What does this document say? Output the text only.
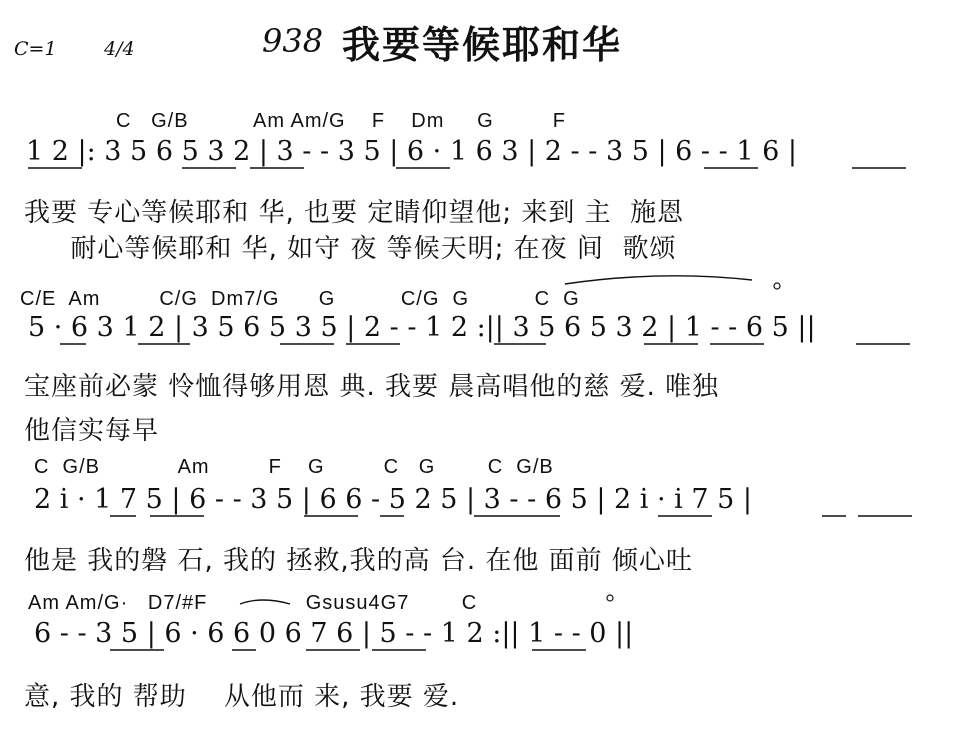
C=1 4/4	938 我要等候耶和华
C   G/B          Am Am/G    F    Dm     G         F
1 2 |: 3 5 6 5 3 2 | 3 - - 3 5 | 6 · 1 6 3 | 2 - - 3 5 | 6 - - 1 6 |
我要 专心等候耶和 华, 也要 定睛仰望他; 来到 主  施恩
耐心等候耶和 华, 如守 夜 等候天明; 在夜 间  歌颂
C/E  Am         C/G  Dm7/G      G          C/G  G          C  G
5 · 6 3 1 2 | 3 5 6 5 3 5 | 2 - - 1 2 :|| 3 5 6 5 3 2 | 1 - - 6 5 ||
宝座前必蒙 怜恤得够用恩 典. 我要 晨高唱他的慈 爱. 唯独
他信实每早
C  G/B            Am         F    G         C   G        C  G/B
2 i · 1 7 5 | 6 - - 3 5 | 6 6 - 5 2 5 | 3 - - 6 5 | 2 i · i 7 5 |
他是 我的磐 石, 我的 拯救,我的高 台. 在他 面前 倾心吐
Am Am/G·   D7/#F               Gsusu4G7        C
6 - - 3 5 | 6 · 6 6 0 6 7 6 | 5 - - 1 2 :|| 1 - - 0 ||
意, 我的 帮助    从他而 来, 我要 爱.
